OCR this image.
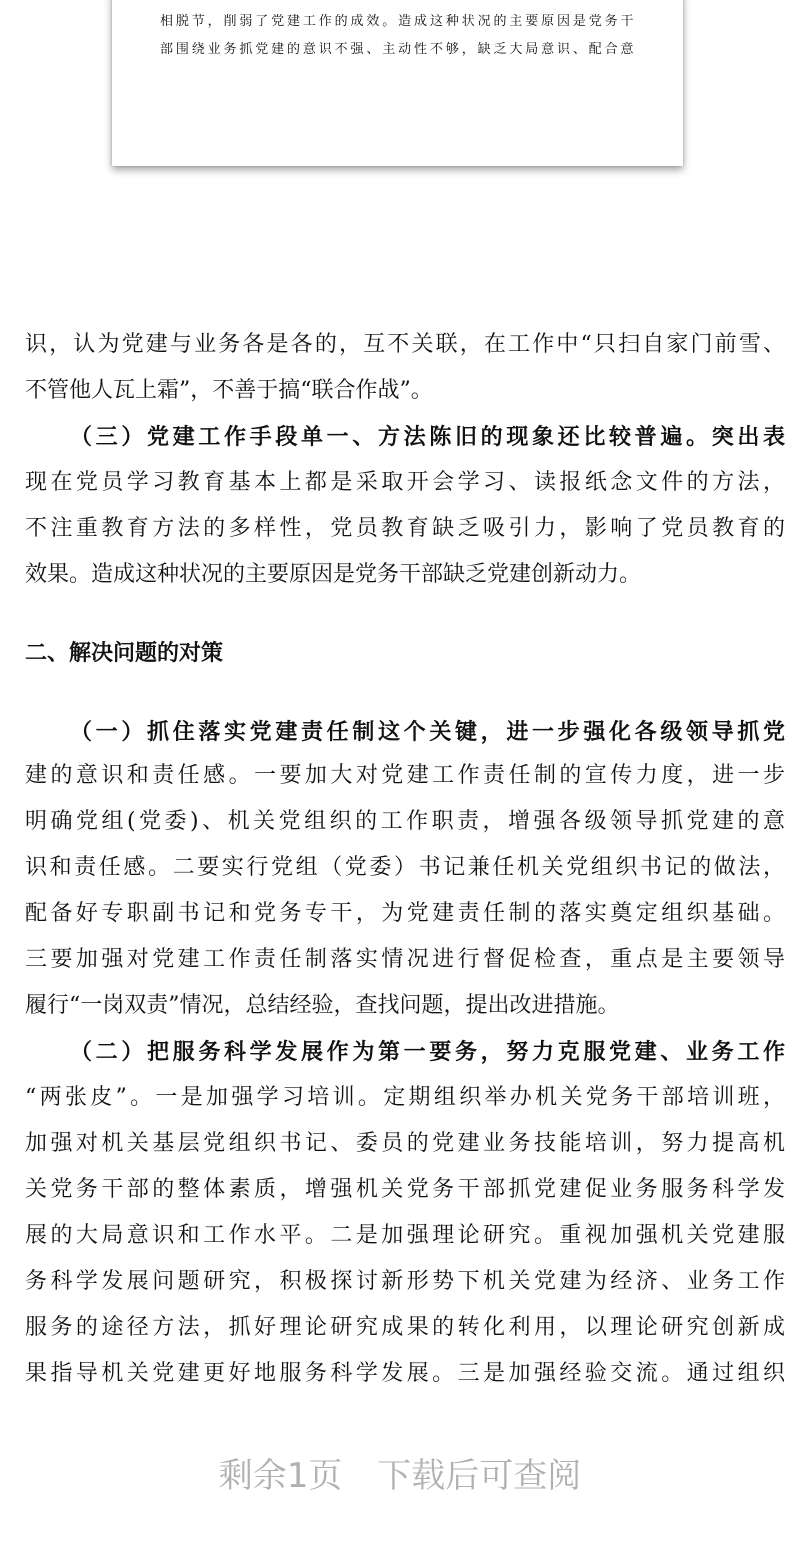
相脱节，削弱了党建工作的成效。造成这种状况的主要原因是党务干
部围绕业务抓党建的意识不强、主动性不够，缺乏大局意识、配合意
识，认为党建与业务各是各的，互不关联，在工作中“只扫自家门前雪、
不管他人瓦上霜”，不善于搞“联合作战”。
（三）党建工作手段单一、方法陈旧的现象还比较普遍。突出表
现在党员学习教育基本上都是采取开会学习、读报纸念文件的方法，
不注重教育方法的多样性，党员教育缺乏吸引力，影响了党员教育的
效果。造成这种状况的主要原因是党务干部缺乏党建创新动力。
二、解决问题的对策
（一）抓住落实党建责任制这个关键，进一步强化各级领导抓党
建的意识和责任感。一要加大对党建工作责任制的宣传力度，进一步
明确党组(党委)、机关党组织的工作职责，增强各级领导抓党建的意
识和责任感。二要实行党组（党委）书记兼任机关党组织书记的做法，
配备好专职副书记和党务专干，为党建责任制的落实奠定组织基础。
三要加强对党建工作责任制落实情况进行督促检查，重点是主要领导
履行“一岗双责”情况，总结经验，查找问题，提出改进措施。
（二）把服务科学发展作为第一要务，努力克服党建、业务工作
“两张皮”。一是加强学习培训。定期组织举办机关党务干部培训班，
加强对机关基层党组织书记、委员的党建业务技能培训，努力提高机
关党务干部的整体素质，增强机关党务干部抓党建促业务服务科学发
展的大局意识和工作水平。二是加强理论研究。重视加强机关党建服
务科学发展问题研究，积极探讨新形势下机关党建为经济、业务工作
服务的途径方法，抓好理论研究成果的转化利用，以理论研究创新成
果指导机关党建更好地服务科学发展。三是加强经验交流。通过组织
剩余1页 下载后可查阅
